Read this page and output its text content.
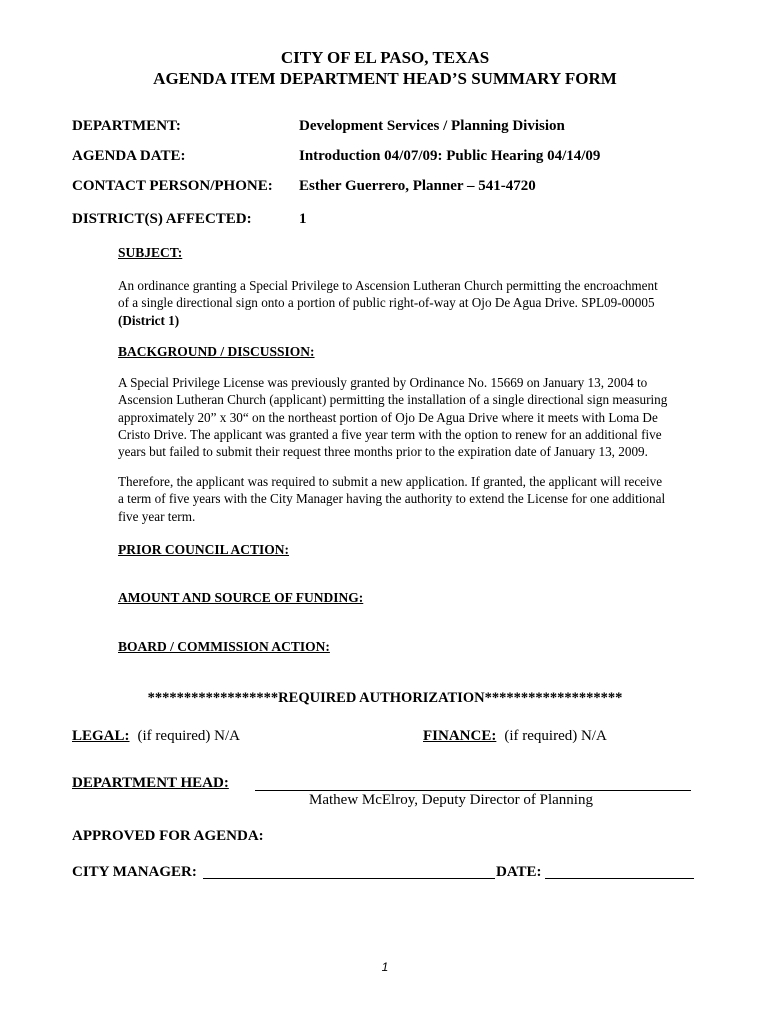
CITY OF EL PASO, TEXAS
AGENDA ITEM DEPARTMENT HEAD’S SUMMARY FORM
DEPARTMENT:	Development Services / Planning Division
AGENDA DATE:	Introduction 04/07/09: Public Hearing 04/14/09
CONTACT PERSON/PHONE: Esther Guerrero, Planner – 541-4720
DISTRICT(S) AFFECTED:	1
SUBJECT:
An ordinance granting a Special Privilege to Ascension Lutheran Church permitting the encroachment
of a single directional sign onto a portion of public right-of-way at Ojo De Agua Drive. SPL09-00005
(District 1)
BACKGROUND / DISCUSSION:
A Special Privilege License was previously granted by Ordinance No. 15669 on January 13, 2004 to
Ascension Lutheran Church (applicant) permitting the installation of a single directional sign measuring
approximately 20” x 30“ on the northeast portion of Ojo De Agua Drive where it meets with Loma De
Cristo Drive. The applicant was granted a five year term with the option to renew for an additional five
years but failed to submit their request three months prior to the expiration date of January 13, 2009.
Therefore, the applicant was required to submit a new application. If granted, the applicant will receive
a term of five years with the City Manager having the authority to extend the License for one additional
five year term.
PRIOR COUNCIL ACTION:
AMOUNT AND SOURCE OF FUNDING:
BOARD / COMMISSION ACTION:
******************REQUIRED AUTHORIZATION*******************
LEGAL: (if required) N/A	FINANCE: (if required) N/A
DEPARTMENT HEAD:
Mathew McElroy, Deputy Director of Planning
APPROVED FOR AGENDA:
CITY MANAGER:	DATE:
1
